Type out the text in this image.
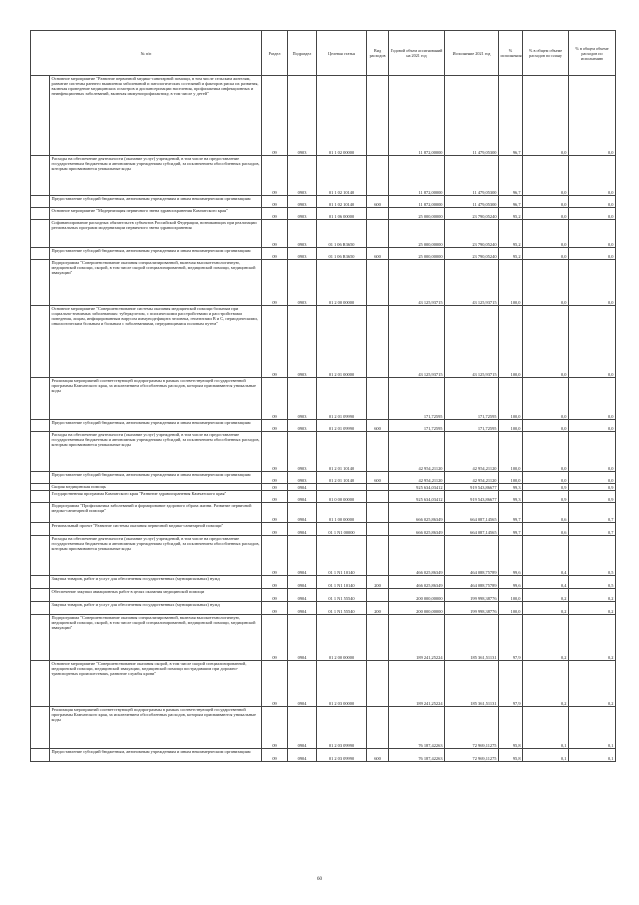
№ п/п		Раздел	Подраздел	Целевая статья	Вид расходов	Годовой объем ассигнований на 2021 год	Исполнение 2021 год	% исполнения	% в общем объеме расходов по плану	% в общем объеме расходов по исполнению
	Основное мероприятие "Развитие первичной медико-санитарной помощи, в том числе сельским жителям, развитие системы раннего выявления заболеваний и патологических состояний и факторов риска их развития, включая проведение медицинских осмотров и диспансеризации населения, профилактика инфекционных и неинфекционных заболеваний, включая иммунопрофилактику, в том числе у детей"	09	0903	01 1 02 00000		11 872,00000	11 479,05300	96,7	0,0	0,0
	Расходы на обеспечение деятельности (оказание услуг) учреждений, в том числе на предоставление государственным бюджетным и автономным учреждениям субсидий, за исключением обособленных расходов, которым присваиваются уникальные коды	09	0903	01 1 02 10140		11 872,00000	11 479,05300	96,7	0,0	0,0
	Предоставление субсидий бюджетным, автономным учреждениям и иным некоммерческим организациям	09	0903	01 1 02 10140	600	11 872,00000	11 479,05300	96,7	0,0	0,0
	Основное мероприятие "Модернизация первичного звена здравоохранения Камчатского края"	09	0903	01 1 06 00000		25 000,00000	23 790,05240	95,2	0,0	0,0
	Софинансирование расходных обязательств субъектов Российской Федерации, возникающих при реализации региональных программ модернизации первичного звена здравоохранения	09	0903	01 1 06 R3650		25 000,00000	23 790,05240	95,2	0,0	0,0
	Предоставление субсидий бюджетным, автономным учреждениям и иным некоммерческим организациям	09	0903	01 1 06 R3650	600	25 000,00000	23 790,05240	95,2	0,0	0,0
	Подпрограмма "Совершенствование оказания специализированной, включая высокотехнологичную, медицинской помощи, скорой, в том числе скорой специализированной, медицинской помощи, медицинской эвакуации"	09	0903	01 2 00 00000		43 125,93715	43 125,93715	100,0	0,0	0,0
	Основное мероприятие "Совершенствование системы оказания медицинской помощи больным при социально-значимых заболеваниях: туберкулезом, с психическими расстройствами и расстройствами поведения, лицам, инфицированным вирусом иммунодефицита человека, гепатитами В и С, периодическими, онкологическим больным и больным с заболеваниями, передающимися половым путем"	09	0903	01 2 01 00000		43 125,93715	43 125,93715	100,0	0,0	0,0
	Реализация мероприятий соответствующей подпрограммы в рамках соответствующей государственной программы Камчатского края, за исключением обособленных расходов, которым присваиваются уникальные коды	09	0903	01 2 01 09990		171,72595	171,72595	100,0	0,0	0,0
	Предоставление субсидий бюджетным, автономным учреждениям и иным некоммерческим организациям	09	0903	01 2 01 09990	600	171,72595	171,72595	100,0	0,0	0,0
	Расходы на обеспечение деятельности (оказание услуг) учреждений, в том числе на предоставление государственным бюджетным и автономным учреждениям субсидий, за исключением обособленных расходов, которым присваиваются уникальные коды	09	0903	01 2 01 10140		42 954,21120	42 954,21120	100,0	0,0	0,0
	Предоставление субсидий бюджетным, автономным учреждениям и иным некоммерческим организациям	09	0903	01 2 01 10140	600	42 954,21120	42 954,21120	100,0	0,0	0,0
	Скорая медицинская помощь	09	0904			925 634,03412	919 543,86677	99,3	0,9	0,9
	Государственная программа Камчатского края "Развитие здравоохранения Камчатского края"	09	0904	01 0 00 00000		925 634,03412	919 543,86677	99,3	0,9	0,9
	Подпрограмма "Профилактика заболеваний и формирование здорового образа жизни. Развитие первичной медико-санитарной помощи"	09	0904	01 1 00 00000		666 025,86349	664 087,14565	99,7	0,6	0,7
	Региональный проект "Развитие системы оказания первичной медико-санитарной помощи"	09	0904	01 1 N1 00000		666 025,86349	664 087,14565	99,7	0,6	0,7
	Расходы на обеспечение деятельности (оказание услуг) учреждений, в том числе на предоставление государственным бюджетным и автономным учреждениям субсидий, за исключением обособленных расходов, которым присваиваются уникальные коды	09	0904	01 1 N1 10140		466 025,86349	464 088,75789	99,6	0,4	0,5
	Закупка товаров, работ и услуг для обеспечения государственных (муниципальных) нужд	09	0904	01 1 N1 10140	200	466 025,86349	464 088,75789	99,6	0,4	0,5
	Обеспечение закупки авиационных работ в целях оказания медицинской помощи	09	0904	01 1 N1 55540		200 000,00000	199 998,38776	100,0	0,2	0,2
	Закупка товаров, работ и услуг для обеспечения государственных (муниципальных) нужд	09	0904	01 1 N1 55540	200	200 000,00000	199 998,38776	100,0	0,2	0,2
	Подпрограмма "Совершенствование оказания специализированной, включая высокотехнологичную, медицинской помощи, скорой, в том числе скорой специализированной, медицинской помощи, медицинской эвакуации"	09	0904	01 2 00 00000		189 241,25224	185 361,51131	97,9	0,2	0,2
	Основное мероприятие "Совершенствование оказания скорой, в том числе скорой специализированной, медицинской помощи, медицинской эвакуации, медицинской помощи пострадавшим при дорожно-транспортных происшествиях, развитие службы крови"	09	0904	01 2 03 00000		189 241,25224	185 361,51131	97,9	0,2	0,2
	Реализация мероприятий соответствующей подпрограммы в рамках соответствующей государственной программы Камчатского края, за исключением обособленных расходов, которым присваиваются уникальные коды	09	0904	01 2 03 09990		76 187,42263	72 969,11275	95,8	0,1	0,1
	Предоставление субсидий бюджетным, автономным учреждениям и иным некоммерческим организациям	09	0904	01 2 03 09990	600	76 187,42263	72 969,11275	95,8	0,1	0,1
60
